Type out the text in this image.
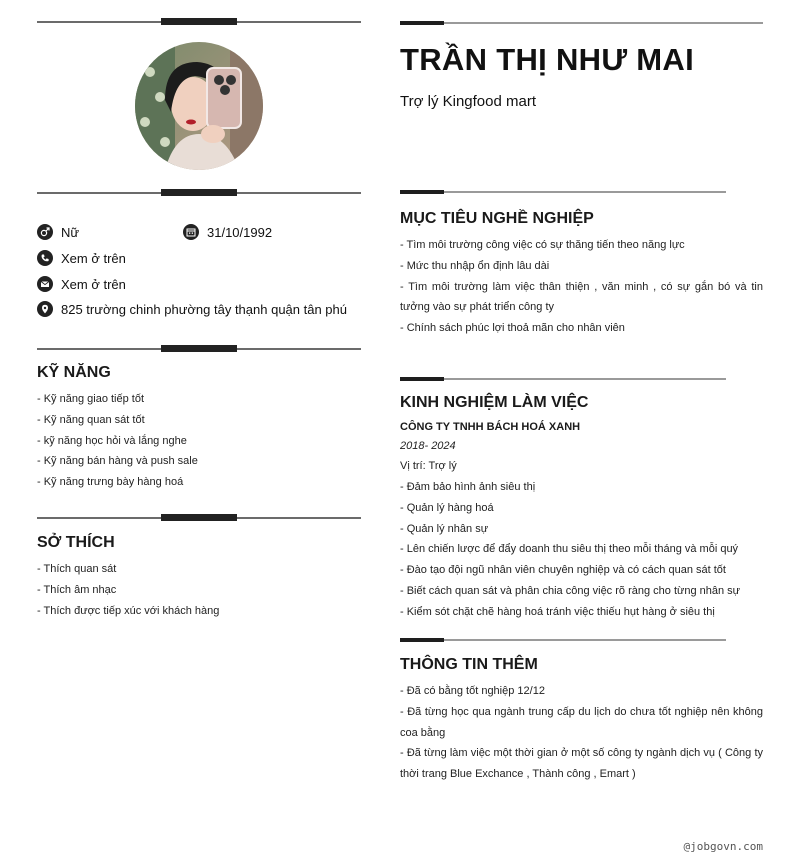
Nữ	31/10/1992
Xem ở trên
Xem ở trên
825 trường chinh phường tây thạnh quận tân phú
KỸ NĂNG
- Kỹ năng giao tiếp tốt
- Kỹ năng quan sát tốt
- kỹ năng học hỏi và lắng nghe
- Kỹ năng bán hàng và push sale
- Kỹ năng trưng bày hàng hoá
SỞ THÍCH
- Thích quan sát
- Thích âm nhạc
- Thích được tiếp xúc với khách hàng
TRẦN THỊ NHƯ MAI
Trợ lý Kingfood mart
MỤC TIÊU NGHỀ NGHIỆP
- Tìm môi trường công việc có sự thăng tiến theo năng lực
- Mức thu nhập ổn định lâu dài
- Tìm môi trường làm việc thân thiện , văn minh , có sự gắn bó và tin tưởng vào sự phát triển công ty
- Chính sách phúc lợi thoả mãn cho nhân viên
KINH NGHIỆM LÀM VIỆC
CÔNG TY TNHH BÁCH HOÁ XANH
2018- 2024
Vị trí: Trợ lý
- Đảm bảo hình ảnh siêu thị
- Quản lý hàng hoá
- Quản lý nhân sự
- Lên chiến lược để đẩy doanh thu siêu thị theo mỗi tháng và mỗi quý
- Đào tạo đội ngũ nhân viên chuyên nghiệp và có cách quan sát tốt
- Biết cách quan sát và phân chia công việc rõ ràng cho từng nhân sự
- Kiểm sót chặt chẽ hàng hoá tránh việc thiếu hụt hàng ở siêu thị
THÔNG TIN THÊM
- Đã có bằng tốt nghiệp 12/12
- Đã từng học qua ngành trung cấp du lịch do chưa tốt nghiệp nên không coa bằng
- Đã từng làm việc một thời gian ở một số công ty ngành dịch vụ ( Công ty thời trang Blue Exchance , Thành công , Emart )
@jobgovn.com
